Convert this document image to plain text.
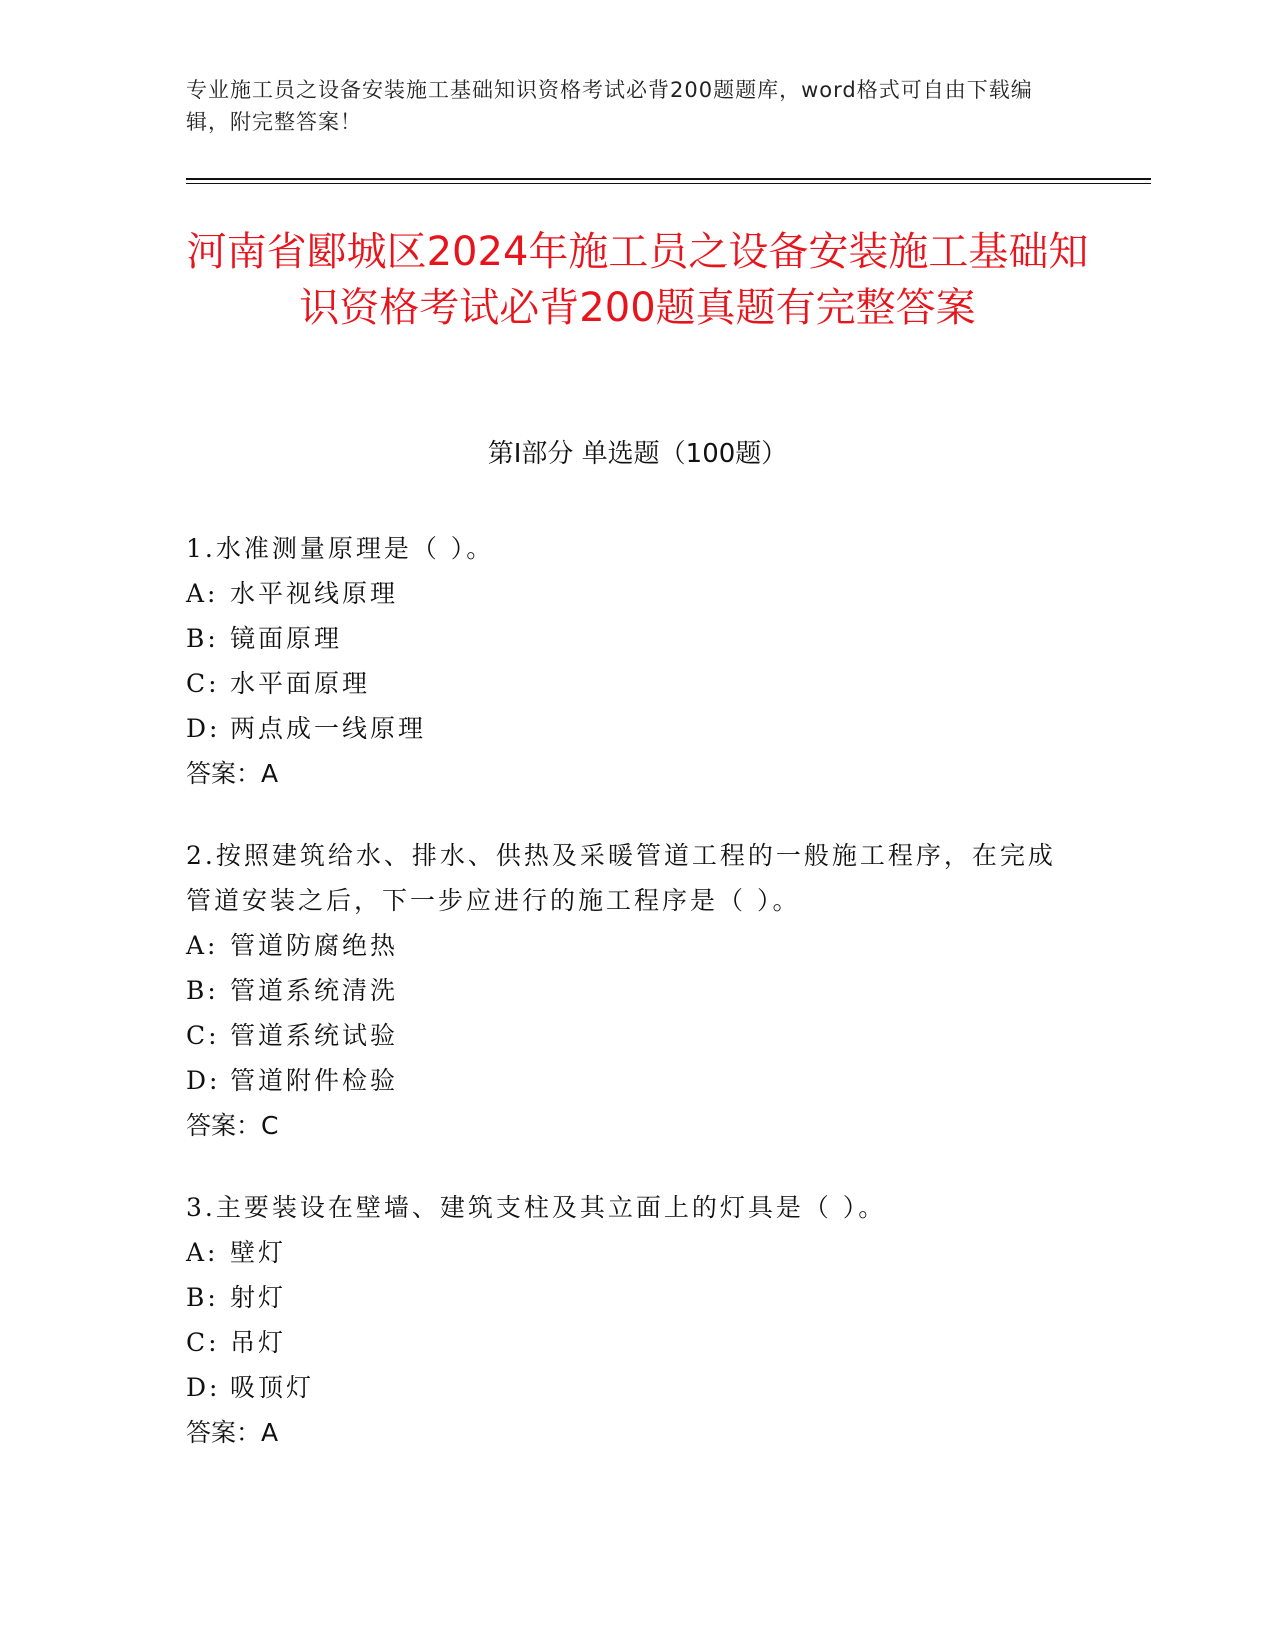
专业施工员之设备安装施工基础知识资格考试必背200题题库，word格式可自由下载编辑，附完整答案！
河南省郾城区2024年施工员之设备安装施工基础知识资格考试必背200题真题有完整答案
第Ⅰ部分 单选题（100题）
1.水准测量原理是（ ）。
A: 水平视线原理
B: 镜面原理
C: 水平面原理
D: 两点成一线原理
答案：A
2.按照建筑给水、排水、供热及采暖管道工程的一般施工程序，在完成管道安装之后，下一步应进行的施工程序是（ ）。
A: 管道防腐绝热
B: 管道系统清洗
C: 管道系统试验
D: 管道附件检验
答案：C
3.主要装设在壁墙、建筑支柱及其立面上的灯具是（ ）。
A: 壁灯
B: 射灯
C: 吊灯
D: 吸顶灯
答案：A
